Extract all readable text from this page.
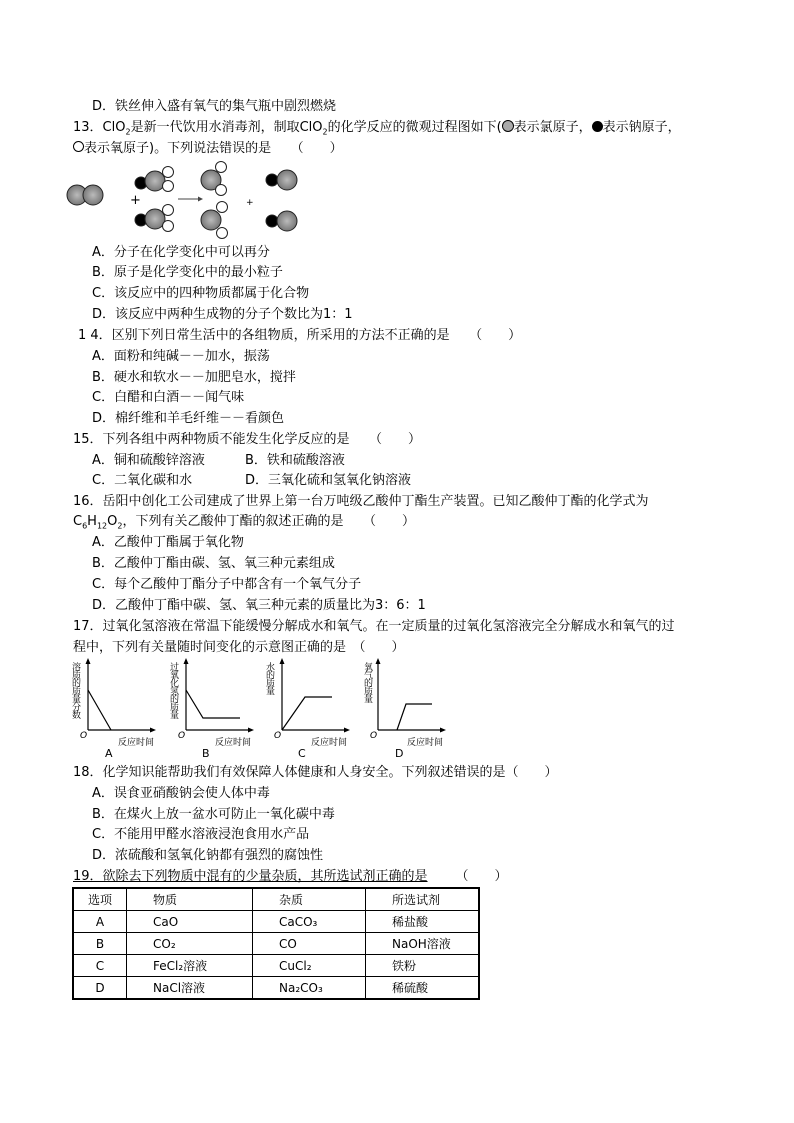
D．铁丝伸入盛有氧气的集气瓶中剧烈燃烧
13．ClO$_2$是新一代饮用水消毒剂，制取ClO$_2$的化学反应的微观过程图如下( 表示氯原子， 表示钠原子，
表示氧原子)。下列说法错误的是　　（　　）
+	+
A．分子在化学变化中可以再分
B．原子是化学变化中的最小粒子
C．该反应中的四种物质都属于化合物
D．该反应中两种生成物的分子个数比为1：1
1 4．区别下列日常生活中的各组物质，所采用的方法不正确的是　　（　　）
A．面粉和纯碱－－加水，振荡
B．硬水和软水－－加肥皂水，搅拌
C．白醋和白酒－－闻气味
D．棉纤维和羊毛纤维－－看颜色
15．下列各组中两种物质不能发生化学反应的是　　（　　）
A．铜和硫酸锌溶液	B．铁和硫酸溶液
C．二氧化碳和水	D．三氧化硫和氢氧化钠溶液
16．岳阳中创化工公司建成了世界上第一台万吨级乙酸仲丁酯生产装置。已知乙酸仲丁酯的化学式为
$C_6H_{12}O_2$，下列有关乙酸仲丁酯的叙述正确的是　　（　　）
A．乙酸仲丁酯属于氧化物
B．乙酸仲丁酯由碳、氢、氧三种元素组成
C．每个乙酸仲丁酯分子中都含有一个氧气分子
D．乙酸仲丁酯中碳、氢、氧三种元素的质量比为3：6：1
17．过氧化氢溶液在常温下能缓慢分解成水和氧气。在一定质量的过氧化氢溶液完全分解成水和氧气的过
程中，下列有关量随时间变化的示意图正确的是　（　　）
溶质的质量分数	过氧化氢的质量	水的质量	氧气的质量
O	O	O	O
反应时间	反应时间	反应时间	反应时间
A	B	C	D
18．化学知识能帮助我们有效保障人体健康和人身安全。下列叙述错误的是（　　）
A．误食亚硝酸钠会使人体中毒
B．在煤火上放一盆水可防止一氧化碳中毒
C．不能用甲醛水溶液浸泡食用水产品
D．浓硫酸和氢氧化钠都有强烈的腐蚀性
19．欲除去下列物质中混有的少量杂质，其所选试剂正确的是 （　　）
选项	物质	杂质	所选试剂
A	CaO	CaCO₃	稀盐酸
B	CO₂	CO	NaOH溶液
C	FeCl₂溶液	CuCl₂	铁粉
D	NaCl溶液	Na₂CO₃	稀硫酸
